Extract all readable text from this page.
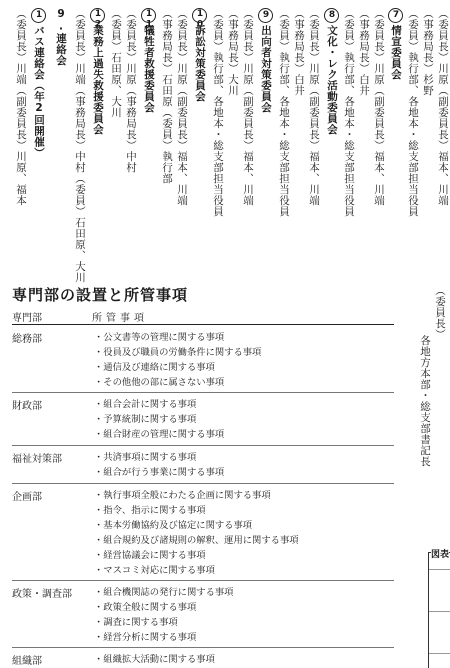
（委員長）川原（副委員長）福本、川端
（事務局長）杉野
（委員）執行部、各地本・総支部担当役員
7情宣委員会
（委員長）川原（副委員長）福本、川端
（事務局長）白井
（委員）執行部、各地本・総支部担当役員
8文化・レク活動委員会
（委員長）川原（副委員長）福本、川端
（事務局長）白井
（委員）執行部、各地本・総支部担当役員
9出向者対策委員会
（委員長）川原（副委員長）福本、川端
（事務局長）大川
（委員）執行部、各地本・総支部担当役員
10訴訟対策委員会
（委員長）川原（副委員長）福本、川端
（事務局長）石田原（委員）執行部
11犠牲者救援委員会
（委員長）川原（事務局長）中村
（委員）石田原、大川
12業務上過失救援委員会
（委員長）川端（事務局長）中村（委員）石田原、大川
9.連絡会
1バス連絡会（年2回開催）
（委員長）川端（副委員長）川原、福本
専門部の設置と所管事項
専門部	所管事項
総務部	・公文書等の管理に関する事項
・役員及び職員の労働条件に関する事項
・通信及び連絡に関する事項
・その他他の部に属さない事項
財政部	・組合会計に関する事項
・予算統制に関する事項
・組合財産の管理に関する事項
福祉対策部	・共済事項に関する事項
・組合が行う事業に関する事項
企画部	・執行事項全般にわたる企画に関する事項
・指令、指示に関する事項
・基本労働協約及び協定に関する事項
・組合規約及び諸規則の解釈、運用に関する事項
・経営協議会に関する事項
・マスコミ対応に関する事項
政策・調査部 ・組合機関誌の発行に関する事項
・政策全般に関する事項
・調査に関する事項
・経営分析に関する事項
組織部	・組織拡大活動に関する事項
（委員長）
各地方本部・総支部書記長
図表
